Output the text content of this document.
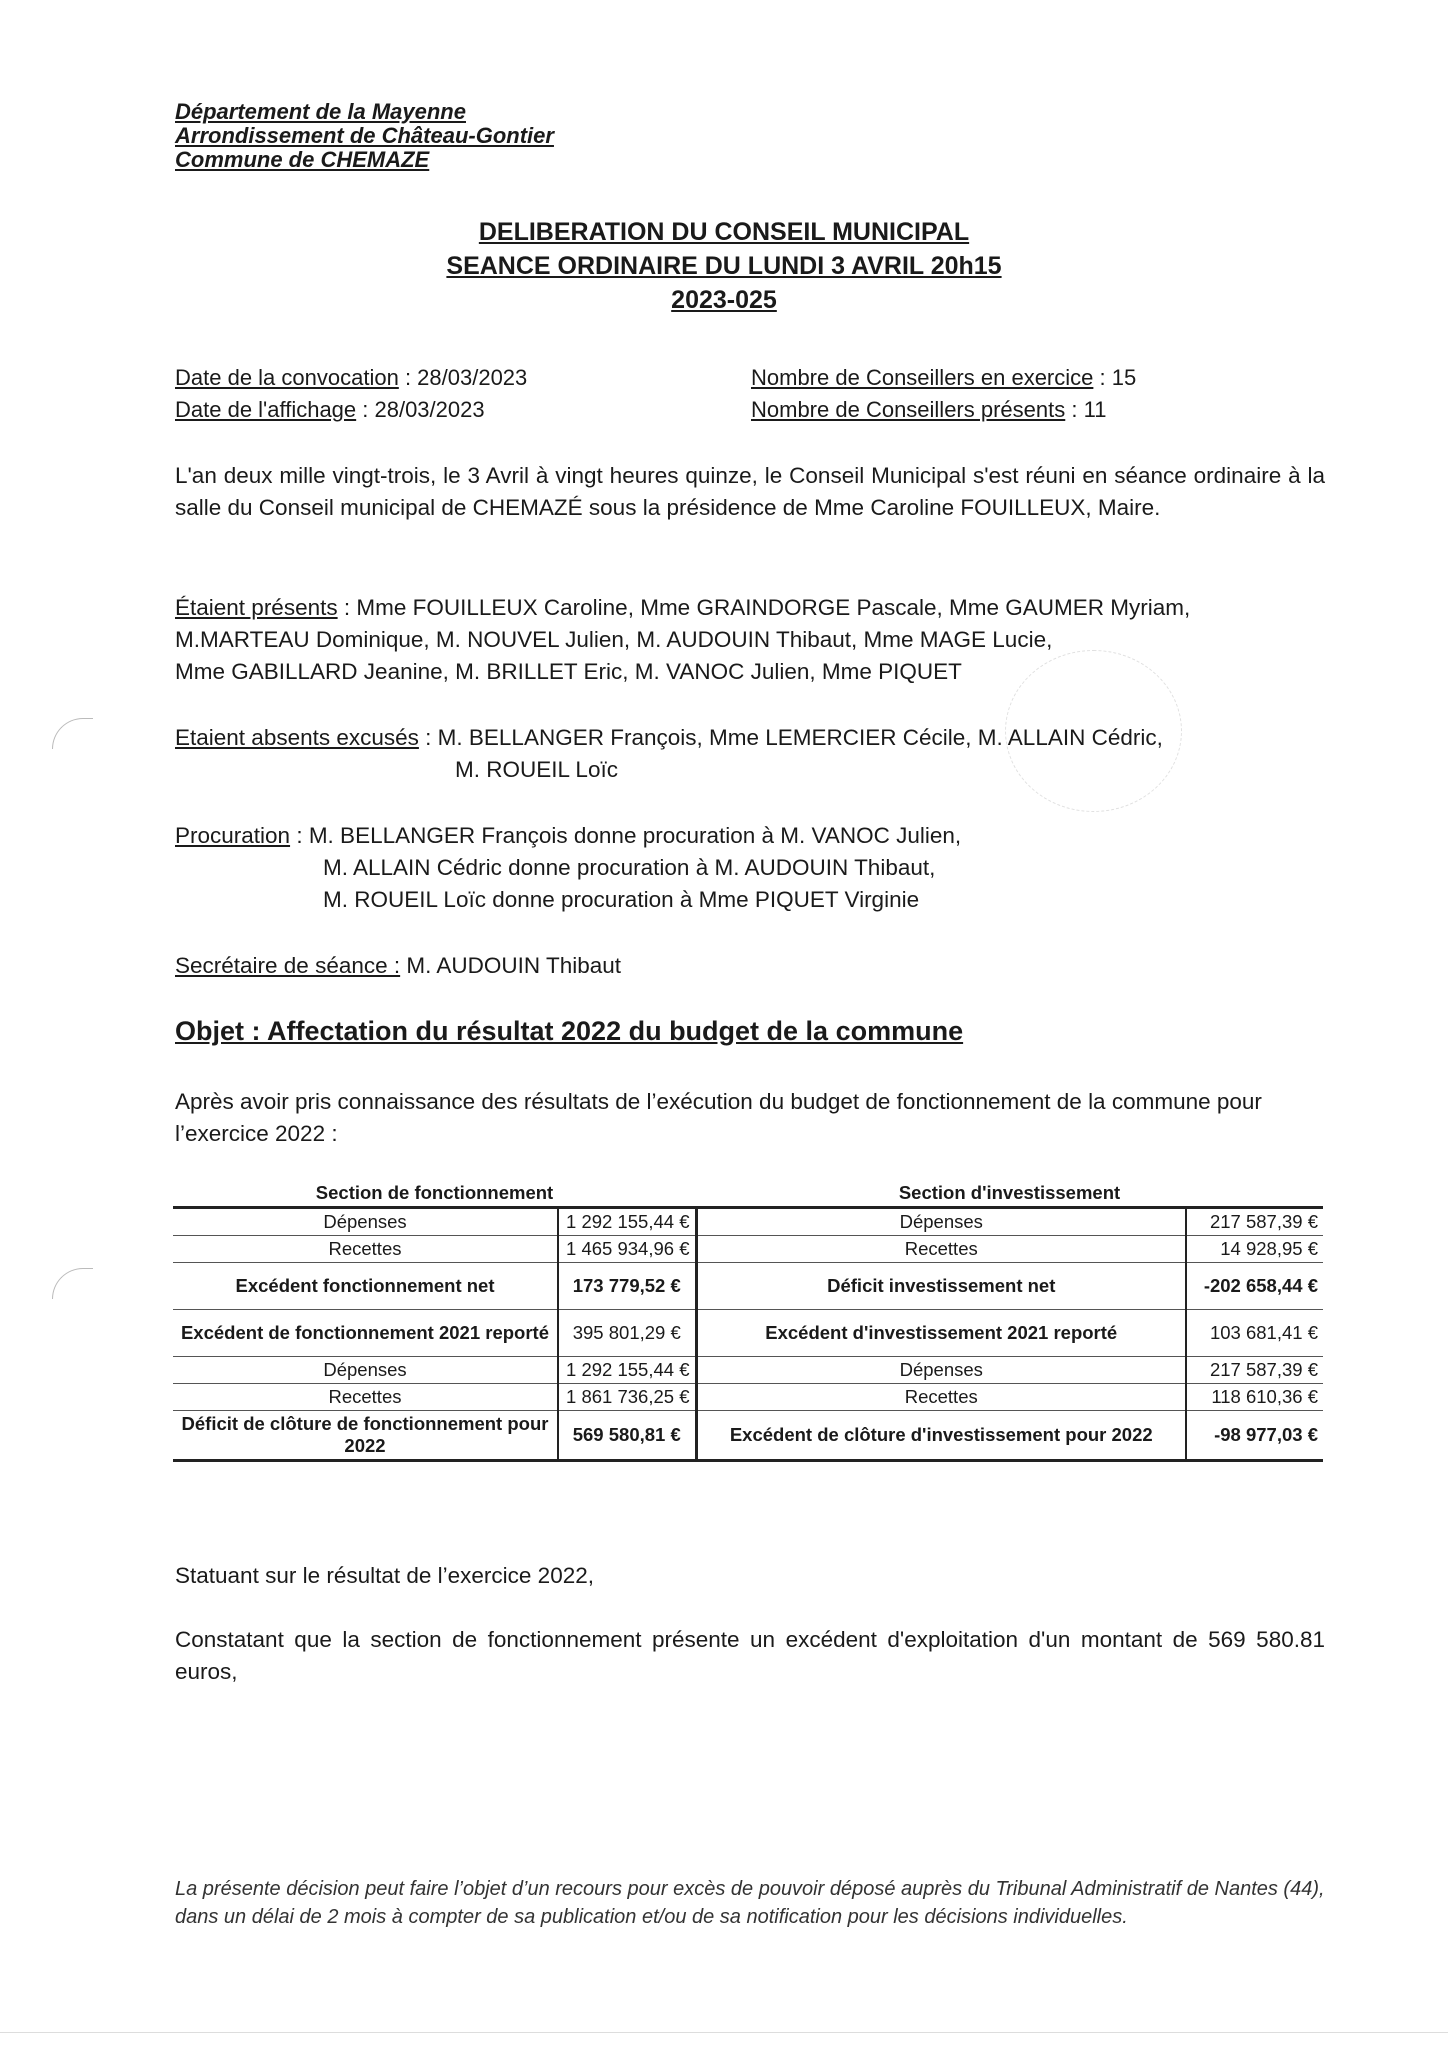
Département de la Mayenne
Arrondissement de Château-Gontier
Commune de CHEMAZE
DELIBERATION DU CONSEIL MUNICIPAL
SEANCE ORDINAIRE DU LUNDI 3 AVRIL 20h15
2023-025
Date de la convocation : 28/03/2023
Date de l'affichage : 28/03/2023
Nombre de Conseillers en exercice : 15
Nombre de Conseillers présents : 11
L'an deux mille vingt-trois, le 3 Avril à vingt heures quinze, le Conseil Municipal s'est réuni en séance ordinaire à la salle du Conseil municipal de CHEMAZÉ sous la présidence de Mme Caroline FOUILLEUX, Maire.
Étaient présents : Mme FOUILLEUX Caroline, Mme GRAINDORGE Pascale, Mme GAUMER Myriam,
M.MARTEAU Dominique, M. NOUVEL Julien, M. AUDOUIN Thibaut, Mme MAGE Lucie,
Mme GABILLARD Jeanine, M. BRILLET Eric, M. VANOC Julien, Mme PIQUET
Etaient absents excusés : M. BELLANGER François, Mme LEMERCIER Cécile, M. ALLAIN Cédric,
M. ROUEIL Loïc
Procuration : M. BELLANGER François donne procuration à M. VANOC Julien,
M. ALLAIN Cédric donne procuration à M. AUDOUIN Thibaut,
M. ROUEIL Loïc donne procuration à Mme PIQUET Virginie
Secrétaire de séance : M. AUDOUIN Thibaut
Objet : Affectation du résultat 2022 du budget de la commune
Après avoir pris connaissance des résultats de l’exécution du budget de fonctionnement de la commune pour l’exercice 2022 :
Section de fonctionnement		Section d'investissement	
Dépenses	1 292 155,44 €	Dépenses	217 587,39 €
Recettes	1 465 934,96 €	Recettes	14 928,95 €
Excédent fonctionnement net	173 779,52 €	Déficit investissement net	-202 658,44 €
Excédent de fonctionnement 2021 reporté	395 801,29 €	Excédent d'investissement 2021 reporté	103 681,41 €
Dépenses	1 292 155,44 €	Dépenses	217 587,39 €
Recettes	1 861 736,25 €	Recettes	118 610,36 €
Déficit de clôture de fonctionnement pour 2022	569 580,81 €	Excédent de clôture d'investissement pour 2022	-98 977,03 €
Statuant sur le résultat de l’exercice 2022,
Constatant que la section de fonctionnement présente un excédent d'exploitation d'un montant de 569 580.81 euros,
La présente décision peut faire l’objet d’un recours pour excès de pouvoir déposé auprès du Tribunal Administratif de Nantes (44), dans un délai de 2 mois à compter de sa publication et/ou de sa notification pour les décisions individuelles.
